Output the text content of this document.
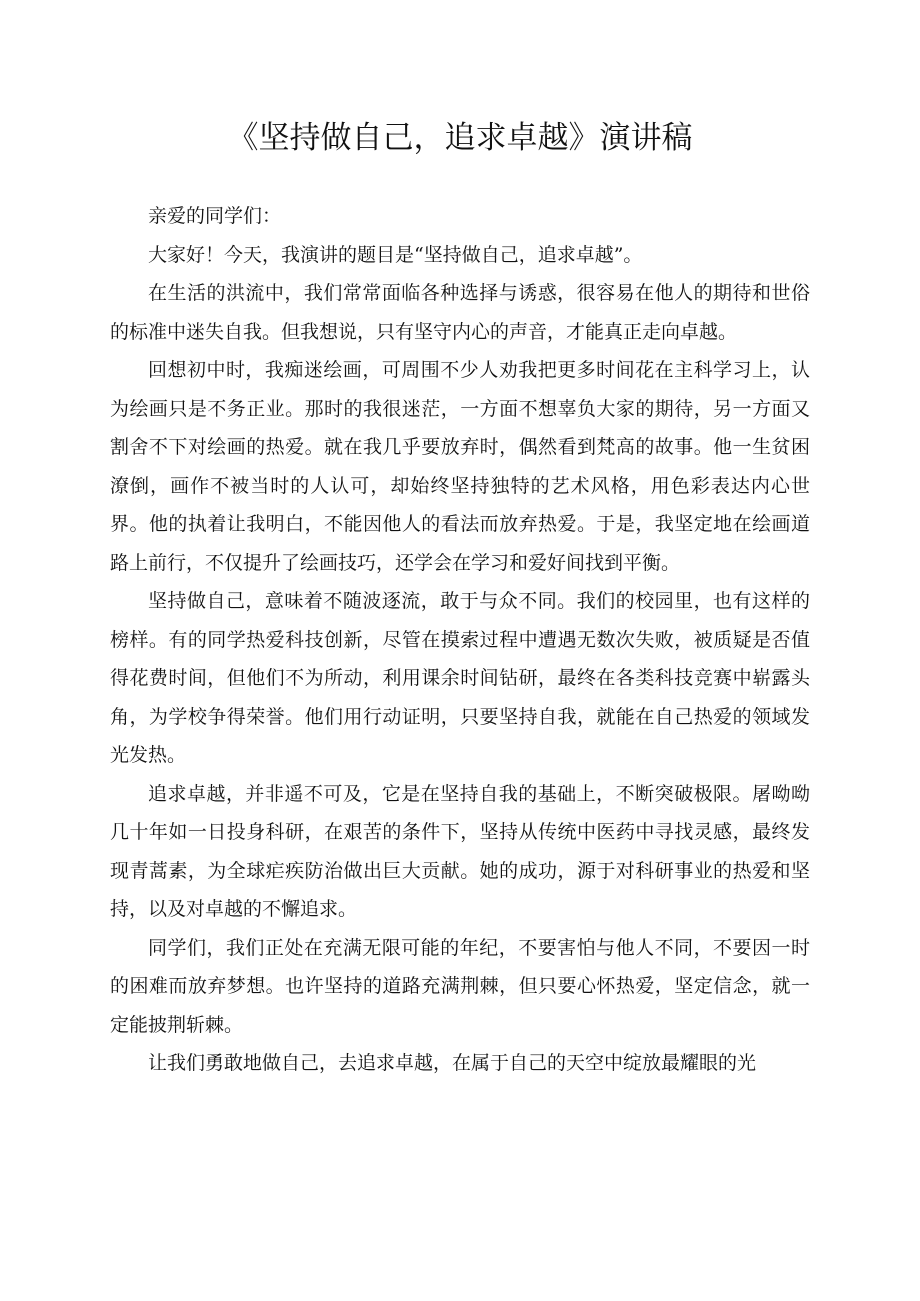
《坚持做自己，追求卓越》演讲稿

亲爱的同学们：

大家好！今天，我演讲的题目是“坚持做自己，追求卓越”。

在生活的洪流中，我们常常面临各种选择与诱惑，很容易在他人的期待和世俗的标准中迷失自我。但我想说，只有坚守内心的声音，才能真正走向卓越。

回想初中时，我痴迷绘画，可周围不少人劝我把更多时间花在主科学习上，认为绘画只是不务正业。那时的我很迷茫，一方面不想辜负大家的期待，另一方面又割舍不下对绘画的热爱。就在我几乎要放弃时，偶然看到梵高的故事。他一生贫困潦倒，画作不被当时的人认可，却始终坚持独特的艺术风格，用色彩表达内心世界。他的执着让我明白，不能因他人的看法而放弃热爱。于是，我坚定地在绘画道路上前行，不仅提升了绘画技巧，还学会在学习和爱好间找到平衡。

坚持做自己，意味着不随波逐流，敢于与众不同。我们的校园里，也有这样的榜样。有的同学热爱科技创新，尽管在摸索过程中遭遇无数次失败，被质疑是否值得花费时间，但他们不为所动，利用课余时间钻研，最终在各类科技竞赛中崭露头角，为学校争得荣誉。他们用行动证明，只要坚持自我，就能在自己热爱的领域发光发热。

追求卓越，并非遥不可及，它是在坚持自我的基础上，不断突破极限。屠呦呦几十年如一日投身科研，在艰苦的条件下，坚持从传统中医药中寻找灵感，最终发现青蒿素，为全球疟疾防治做出巨大贡献。她的成功，源于对科研事业的热爱和坚持，以及对卓越的不懈追求。

同学们，我们正处在充满无限可能的年纪，不要害怕与他人不同，不要因一时的困难而放弃梦想。也许坚持的道路充满荆棘，但只要心怀热爱，坚定信念，就一定能披荆斩棘。

让我们勇敢地做自己，去追求卓越，在属于自己的天空中绽放最耀眼的光
